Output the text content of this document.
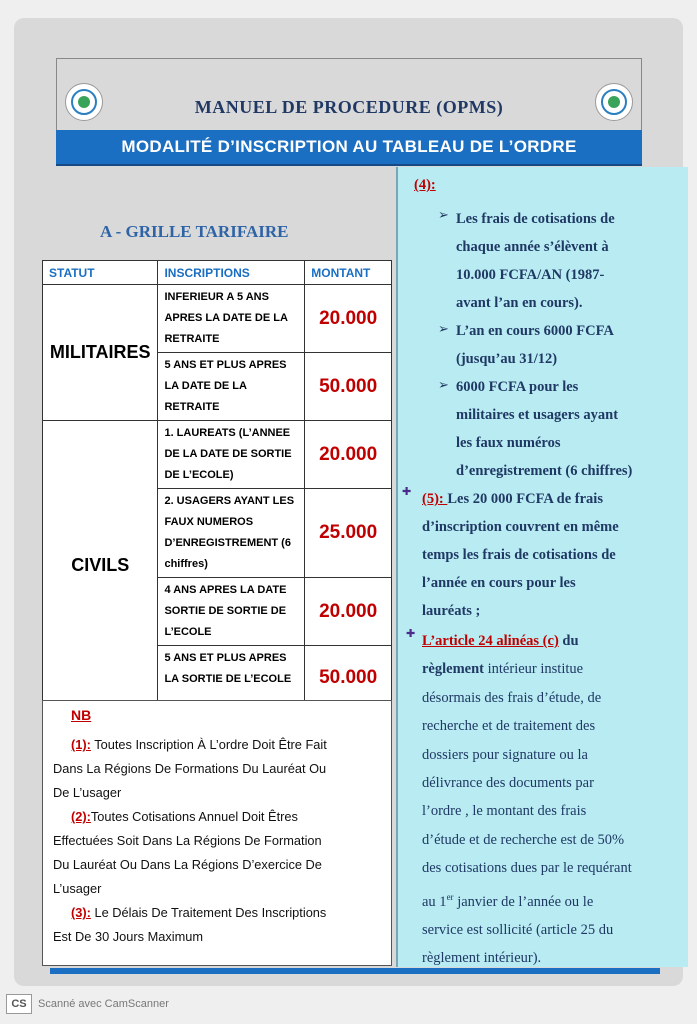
MANUEL DE PROCEDURE (OPMS)
MODALITÉ D’INSCRIPTION AU TABLEAU DE L’ORDRE
A - GRILLE TARIFAIRE
STATUT	INSCRIPTIONS	MONTANT
MILITAIRES	INFERIEUR A 5 ANS APRES LA DATE DE LA RETRAITE	20.000
	5 ANS ET PLUS APRES LA DATE DE LA RETRAITE	50.000
CIVILS	1. LAUREATS (L’ANNEE DE LA DATE DE SORTIE DE L’ECOLE)	20.000
	2. USAGERS AYANT LES FAUX NUMEROS D’ENREGISTREMENT (6 chiffres)	25.000
	4 ANS APRES LA DATE SORTIE DE SORTIE DE L’ECOLE	20.000
	5 ANS ET PLUS APRES LA SORTIE DE L’ECOLE	50.000
NB
(1): Toutes Inscription À L’ordre Doit Être Fait
Dans La Régions De Formations Du Lauréat Ou
De L’usager
(2):Toutes Cotisations Annuel Doit Êtres
Effectuées Soit Dans La Régions De Formation
Du Lauréat Ou Dans La Régions D’exercice De
L’usager
(3): Le Délais De Traitement Des Inscriptions
Est De 30 Jours Maximum
(4):
➢ Les frais de cotisations de
chaque année s’élèvent à
10.000 FCFA/AN (1987-
avant l’an en cours).
➢ L’an en cours 6000 FCFA
(jusqu’au 31/12)
➢ 6000 FCFA pour les
militaires et usagers ayant
les faux numéros
d’enregistrement (6 chiffres)
✚
(5): Les 20 000 FCFA de frais
d’inscription couvrent en même
temps les frais de cotisations de
l’année en cours pour les
lauréats ;
✚
L’article 24 alinéas (c) du
règlement intérieur institue
désormais des frais d’étude, de
recherche et de traitement des
dossiers pour signature ou la
délivrance des documents par
l’ordre , le montant des frais
d’étude et de recherche est de 50%
des cotisations dues par le requérant
au 1er janvier de l’année ou le
service est sollicité (article 25 du
règlement intérieur).
CS	Scanné avec CamScanner
